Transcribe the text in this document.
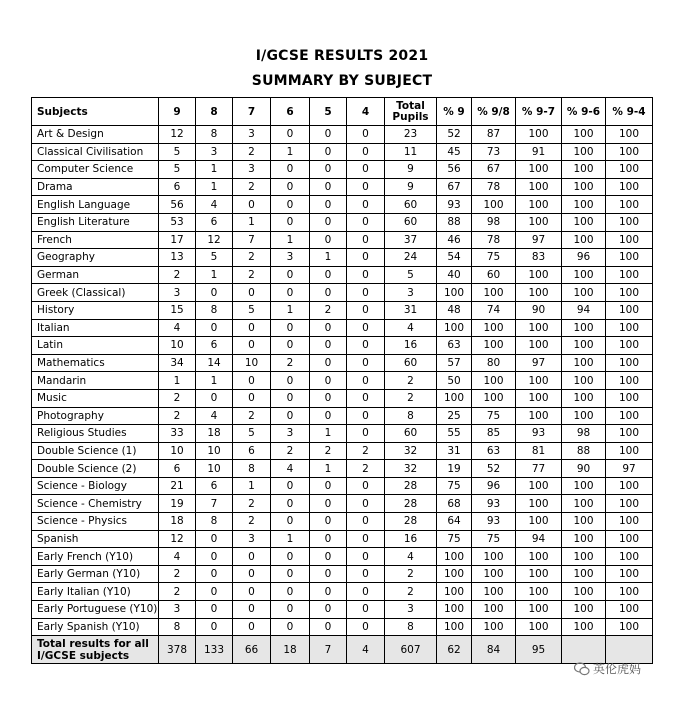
I/GCSE RESULTS 2021
SUMMARY BY SUBJECT
Subjects	9	8	7	6	5	4	Total Pupils	% 9	% 9/8	% 9-7	% 9-6	% 9-4
Art & Design	12	8	3	0	0	0	23	52	87	100	100	100
Classical Civilisation	5	3	2	1	0	0	11	45	73	91	100	100
Computer Science	5	1	3	0	0	0	9	56	67	100	100	100
Drama	6	1	2	0	0	0	9	67	78	100	100	100
English Language	56	4	0	0	0	0	60	93	100	100	100	100
English Literature	53	6	1	0	0	0	60	88	98	100	100	100
French	17	12	7	1	0	0	37	46	78	97	100	100
Geography	13	5	2	3	1	0	24	54	75	83	96	100
German	2	1	2	0	0	0	5	40	60	100	100	100
Greek (Classical)	3	0	0	0	0	0	3	100	100	100	100	100
History	15	8	5	1	2	0	31	48	74	90	94	100
Italian	4	0	0	0	0	0	4	100	100	100	100	100
Latin	10	6	0	0	0	0	16	63	100	100	100	100
Mathematics	34	14	10	2	0	0	60	57	80	97	100	100
Mandarin	1	1	0	0	0	0	2	50	100	100	100	100
Music	2	0	0	0	0	0	2	100	100	100	100	100
Photography	2	4	2	0	0	0	8	25	75	100	100	100
Religious Studies	33	18	5	3	1	0	60	55	85	93	98	100
Double Science (1)	10	10	6	2	2	2	32	31	63	81	88	100
Double Science (2)	6	10	8	4	1	2	32	19	52	77	90	97
Science - Biology	21	6	1	0	0	0	28	75	96	100	100	100
Science - Chemistry	19	7	2	0	0	0	28	68	93	100	100	100
Science - Physics	18	8	2	0	0	0	28	64	93	100	100	100
Spanish	12	0	3	1	0	0	16	75	75	94	100	100
Early French (Y10)	4	0	0	0	0	0	4	100	100	100	100	100
Early German (Y10)	2	0	0	0	0	0	2	100	100	100	100	100
Early Italian (Y10)	2	0	0	0	0	0	2	100	100	100	100	100
Early Portuguese (Y10)	3	0	0	0	0	0	3	100	100	100	100	100
Early Spanish (Y10)	8	0	0	0	0	0	8	100	100	100	100	100
Total results for all I/GCSE subjects	378	133	66	18	7	4	607	62	84	95		
英伦虎妈
